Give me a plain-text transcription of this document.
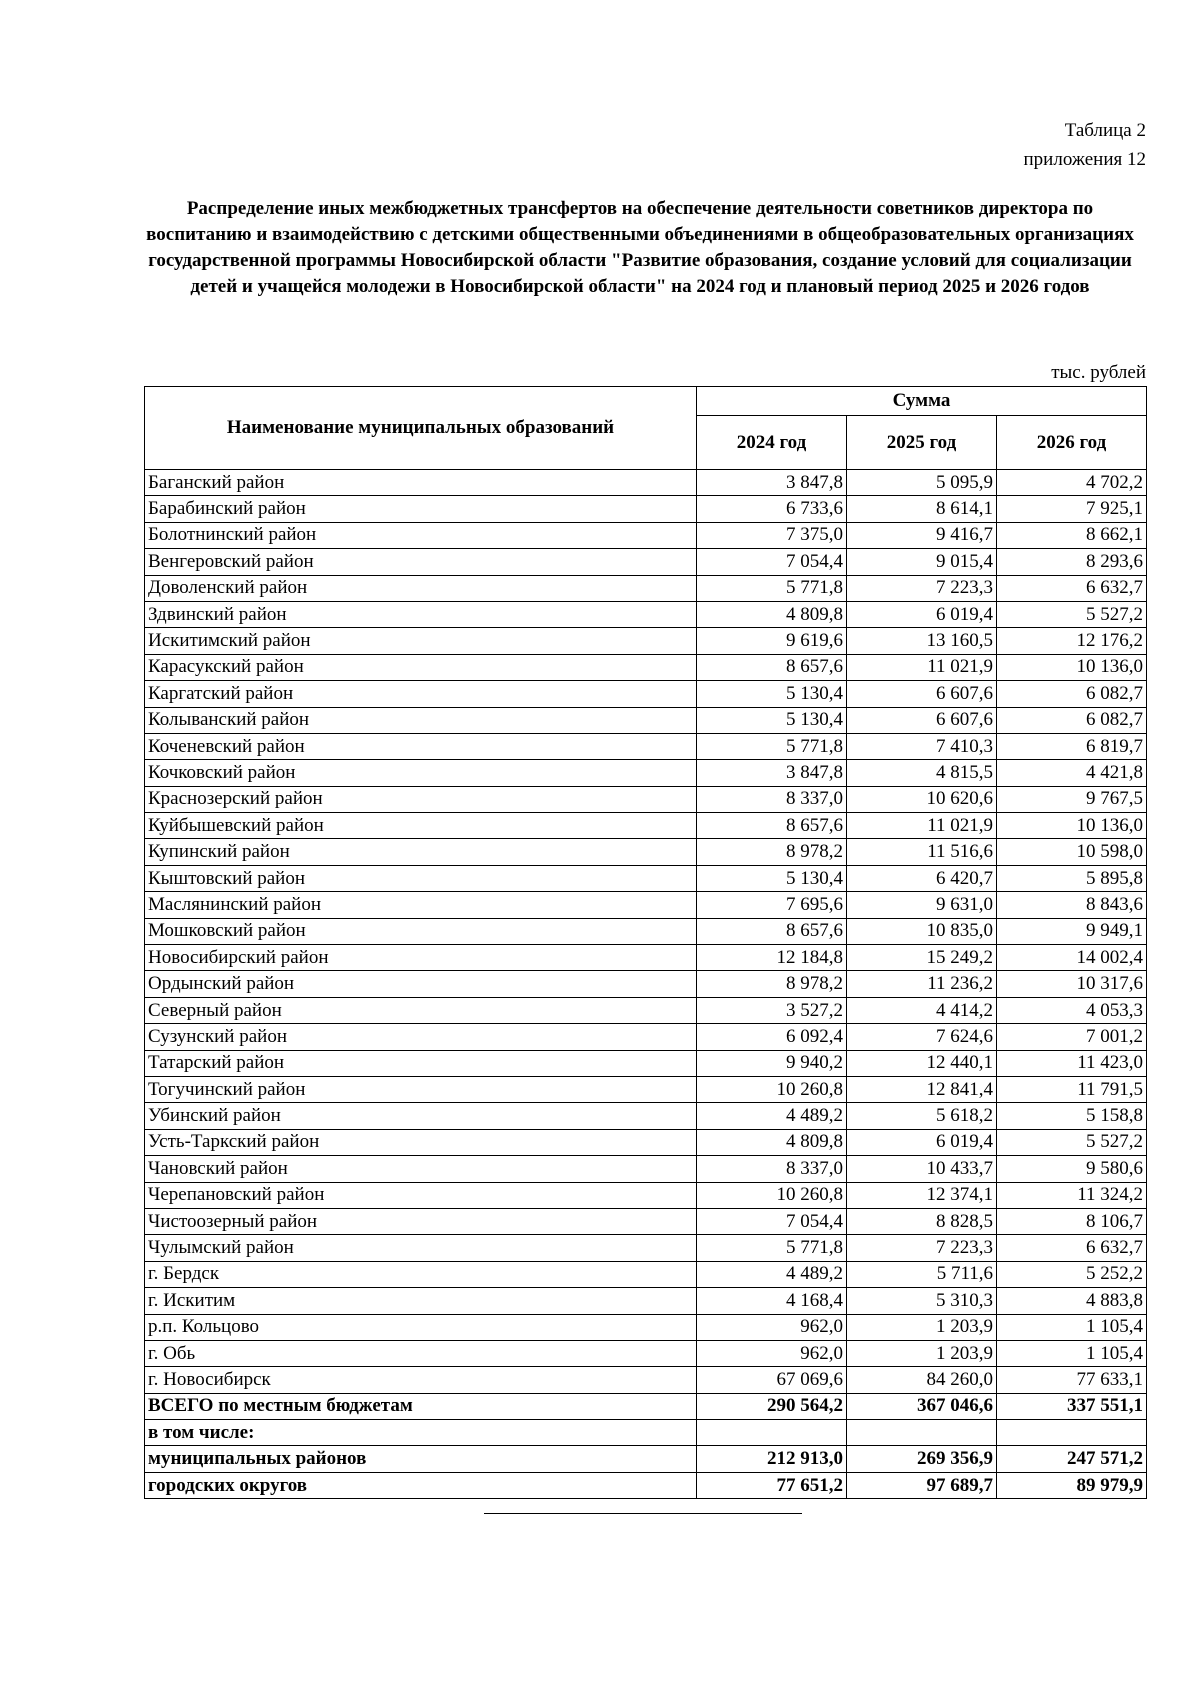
Таблица 2
приложения 12
Распределение иных межбюджетных трансфертов на обеспечение деятельности советников директора по воспитанию и взаимодействию с детскими общественными объединениями в общеобразовательных организациях государственной программы Новосибирской области "Развитие образования, создание условий для социализации детей и учащейся молодежи в Новосибирской области" на 2024 год и плановый период 2025 и 2026 годов
тыс. рублей
Наименование муниципальных образований	Сумма		
	2024 год	2025 год	2026 год
Баганский район	3 847,8	5 095,9	4 702,2
Барабинский район	6 733,6	8 614,1	7 925,1
Болотнинский район	7 375,0	9 416,7	8 662,1
Венгеровский район	7 054,4	9 015,4	8 293,6
Доволенский район	5 771,8	7 223,3	6 632,7
Здвинский район	4 809,8	6 019,4	5 527,2
Искитимский район	9 619,6	13 160,5	12 176,2
Карасукский район	8 657,6	11 021,9	10 136,0
Каргатский район	5 130,4	6 607,6	6 082,7
Колыванский район	5 130,4	6 607,6	6 082,7
Коченевский район	5 771,8	7 410,3	6 819,7
Кочковский район	3 847,8	4 815,5	4 421,8
Краснозерский район	8 337,0	10 620,6	9 767,5
Куйбышевский район	8 657,6	11 021,9	10 136,0
Купинский район	8 978,2	11 516,6	10 598,0
Кыштовский район	5 130,4	6 420,7	5 895,8
Маслянинский район	7 695,6	9 631,0	8 843,6
Мошковский район	8 657,6	10 835,0	9 949,1
Новосибирский район	12 184,8	15 249,2	14 002,4
Ордынский район	8 978,2	11 236,2	10 317,6
Северный район	3 527,2	4 414,2	4 053,3
Сузунский район	6 092,4	7 624,6	7 001,2
Татарский район	9 940,2	12 440,1	11 423,0
Тогучинский район	10 260,8	12 841,4	11 791,5
Убинский район	4 489,2	5 618,2	5 158,8
Усть-Таркский район	4 809,8	6 019,4	5 527,2
Чановский район	8 337,0	10 433,7	9 580,6
Черепановский район	10 260,8	12 374,1	11 324,2
Чистоозерный район	7 054,4	8 828,5	8 106,7
Чулымский район	5 771,8	7 223,3	6 632,7
г. Бердск	4 489,2	5 711,6	5 252,2
г. Искитим	4 168,4	5 310,3	4 883,8
р.п. Кольцово	962,0	1 203,9	1 105,4
г. Обь	962,0	1 203,9	1 105,4
г. Новосибирск	67 069,6	84 260,0	77 633,1
ВСЕГО по местным бюджетам	290 564,2	367 046,6	337 551,1
в том числе:			
муниципальных районов	212 913,0	269 356,9	247 571,2
городских округов	77 651,2	97 689,7	89 979,9
